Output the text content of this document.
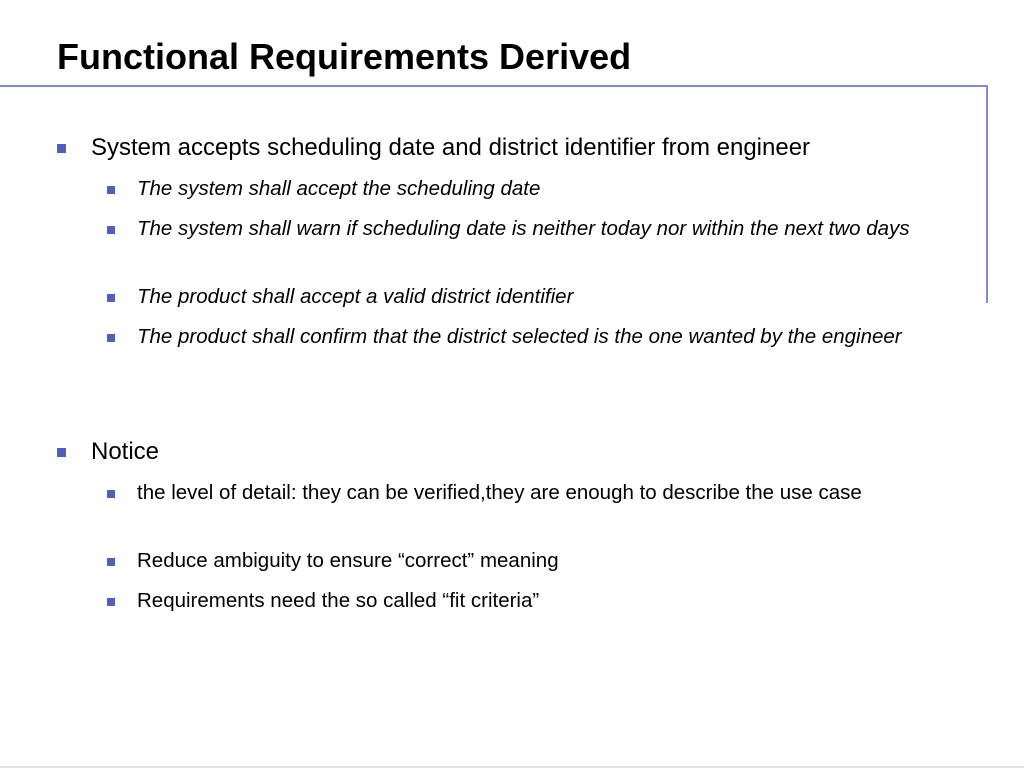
Functional Requirements Derived

System accepts scheduling date and district identifier from engineer

The system shall accept the scheduling date

The system shall warn if scheduling date is neither today nor within the next two days

The product shall accept a valid district identifier

The product shall confirm that the district selected is the one wanted by the engineer

Notice

the level of detail: they can be verified,they are enough to describe the use case

Reduce ambiguity to ensure “correct” meaning

Requirements need the so called “fit criteria”
